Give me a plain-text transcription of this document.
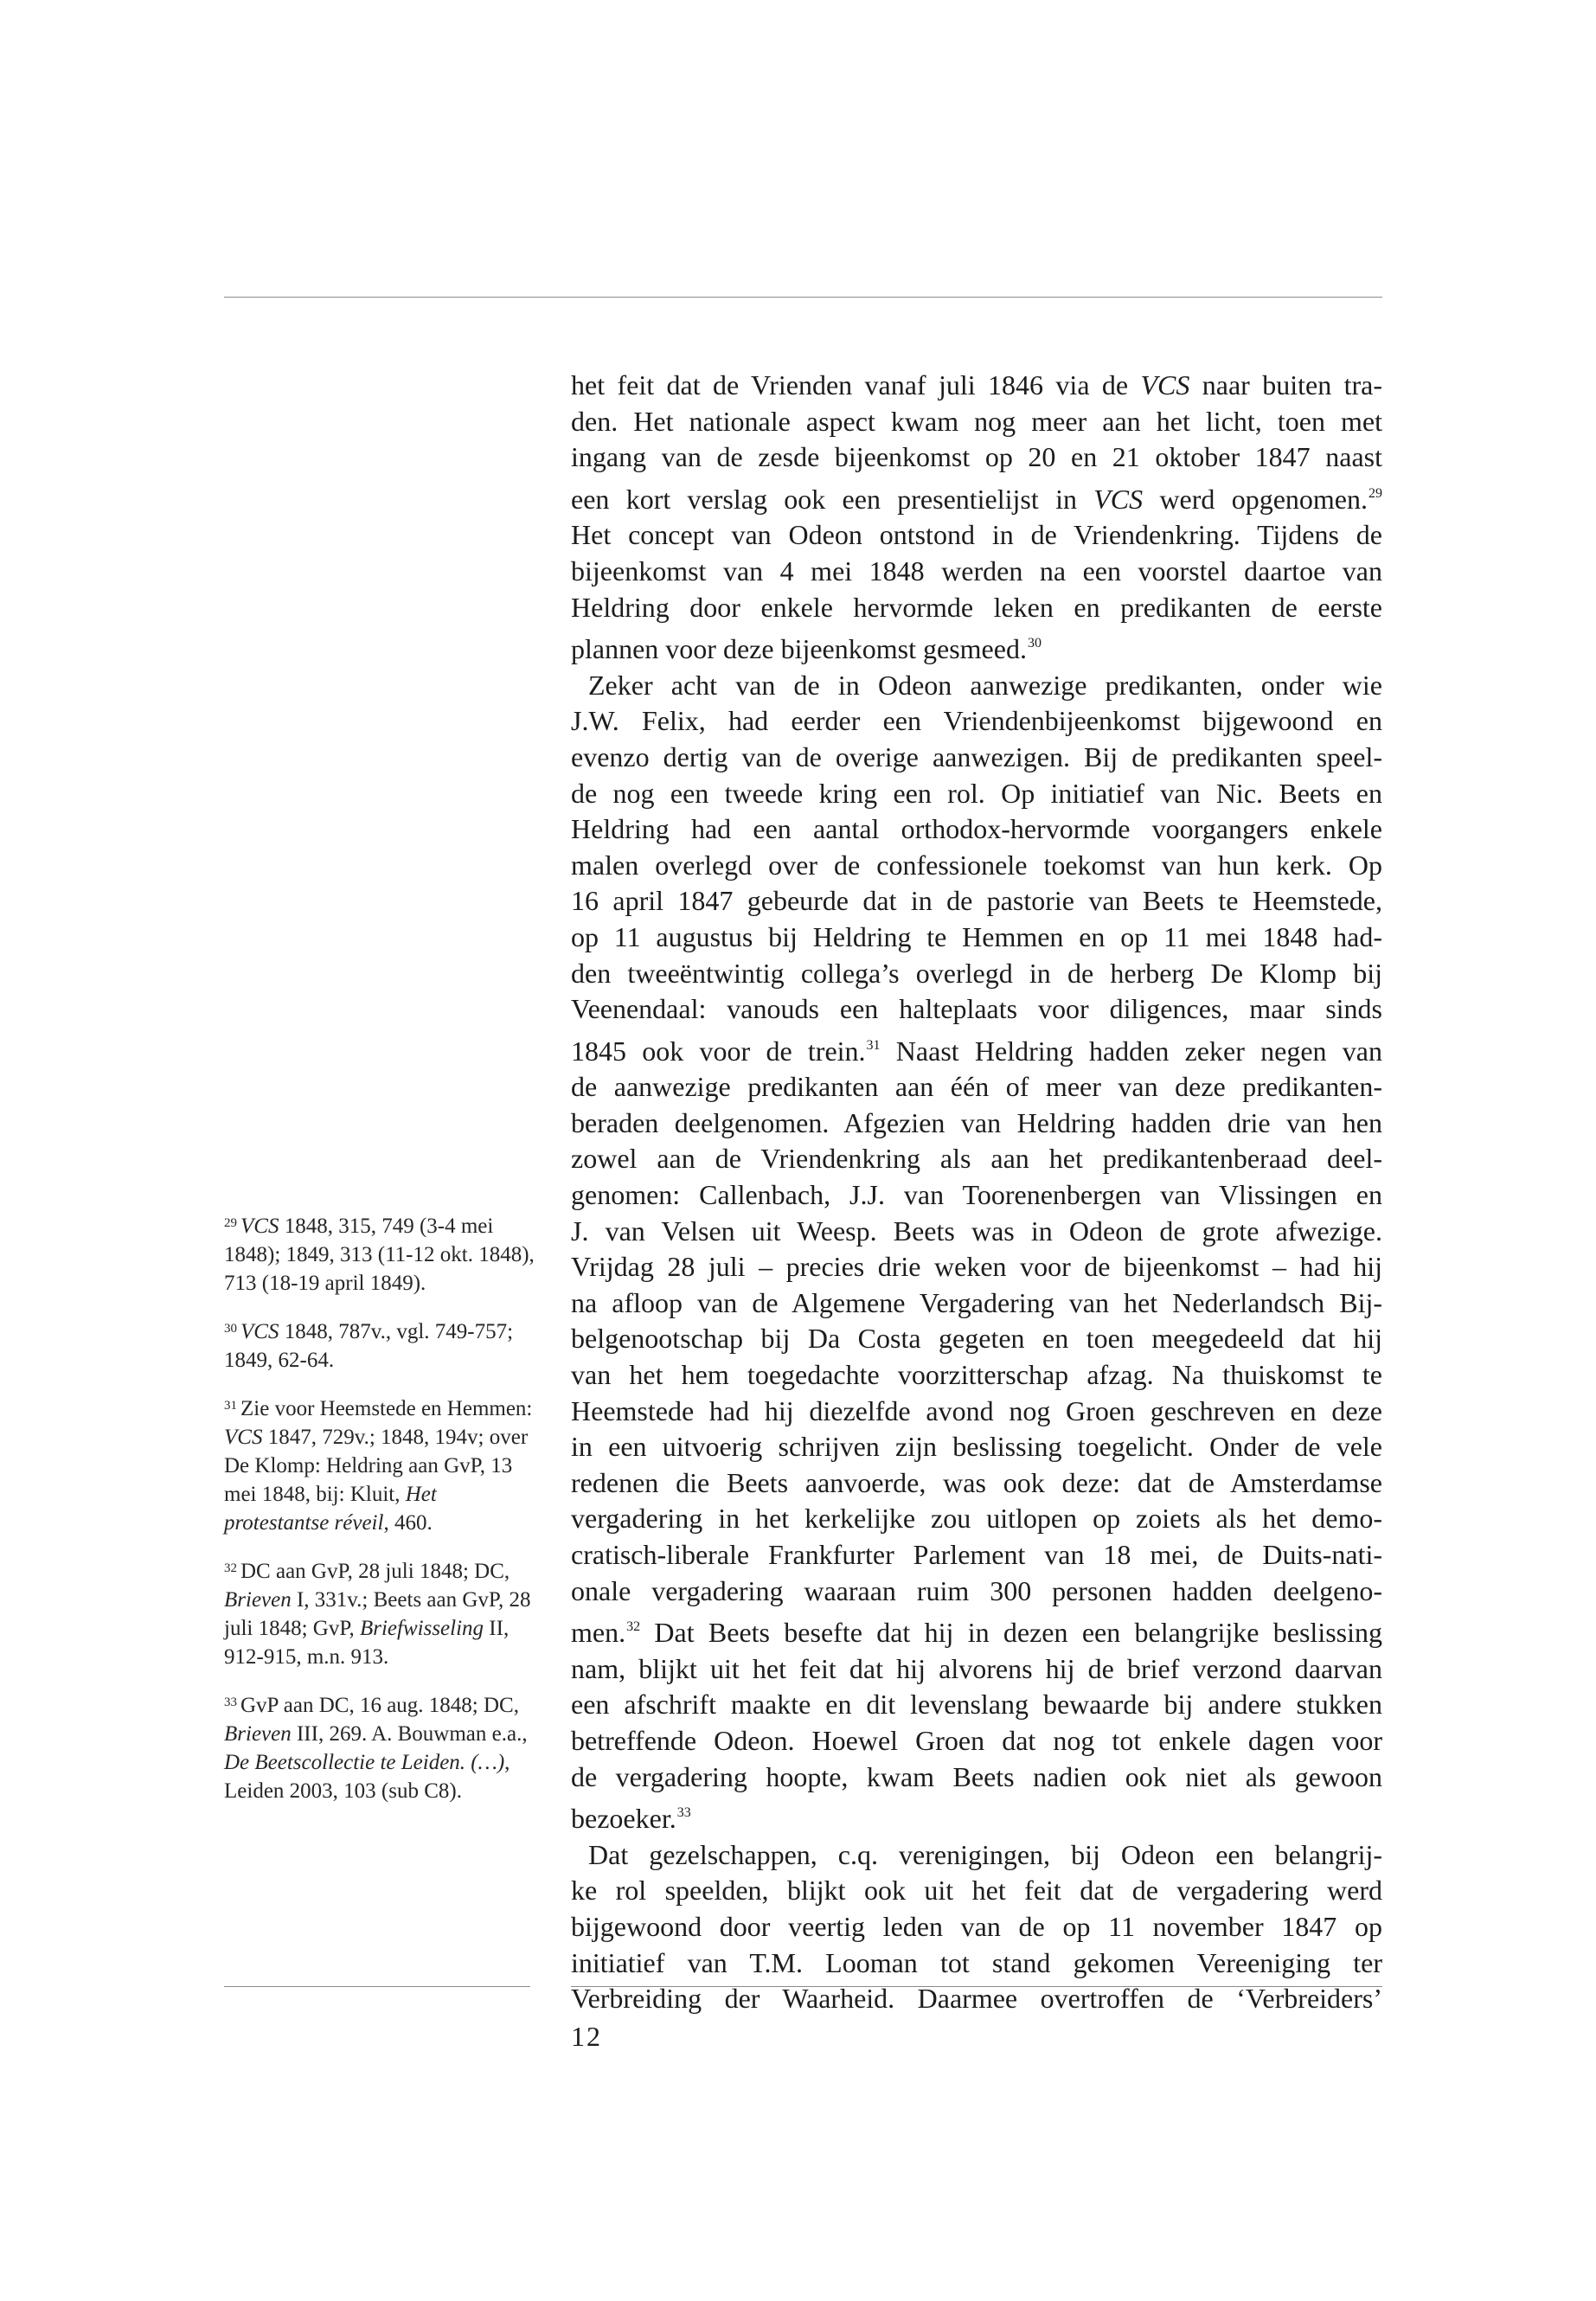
$^{29}$ VCS 1848, 315, 749 (3-4 mei 1848); 1849, 313 (11-12 okt. 1848), 713 (18-19 april 1849).
$^{30}$ VCS 1848, 787v., vgl. 749-757; 1849, 62-64.
$^{31}$ Zie voor Heemstede en Hemmen: VCS 1847, 729v.; 1848, 194v; over De Klomp: Heldring aan GvP, 13 mei 1848, bij: Kluit, Het protestantse réveil, 460.
$^{32}$ DC aan GvP, 28 juli 1848; DC, Brieven I, 331v.; Beets aan GvP, 28 juli 1848; GvP, Briefwisseling II, 912-915, m.n. 913.
$^{33}$ GvP aan DC, 16 aug. 1848; DC, Brieven III, 269. A. Bouwman e.a., De Beetscollectie te Leiden. (…), Leiden 2003, 103 (sub C8).

het feit dat de Vrienden vanaf juli 1846 via de VCS naar buiten tra-
den. Het nationale aspect kwam nog meer aan het licht, toen met
ingang van de zesde bijeenkomst op 20 en 21 oktober 1847 naast
een kort verslag ook een presentielijst in VCS werd opgenomen.$^{29}$
Het concept van Odeon ontstond in de Vriendenkring. Tijdens de
bijeenkomst van 4 mei 1848 werden na een voorstel daartoe van
Heldring door enkele hervormde leken en predikanten de eerste
plannen voor deze bijeenkomst gesmeed.$^{30}$

Zeker acht van de in Odeon aanwezige predikanten, onder wie
J.W. Felix, had eerder een Vriendenbijeenkomst bijgewoond en
evenzo dertig van de overige aanwezigen. Bij de predikanten speel-
de nog een tweede kring een rol. Op initiatief van Nic. Beets en
Heldring had een aantal orthodox-hervormde voorgangers enkele
malen overlegd over de confessionele toekomst van hun kerk. Op
16 april 1847 gebeurde dat in de pastorie van Beets te Heemstede,
op 11 augustus bij Heldring te Hemmen en op 11 mei 1848 had-
den tweeëntwintig collega’s overlegd in de herberg De Klomp bij
Veenendaal: vanouds een halteplaats voor diligences, maar sinds
1845 ook voor de trein.$^{31}$ Naast Heldring hadden zeker negen van
de aanwezige predikanten aan één of meer van deze predikanten-
beraden deelgenomen. Afgezien van Heldring hadden drie van hen
zowel aan de Vriendenkring als aan het predikantenberaad deel-
genomen: Callenbach, J.J. van Toorenenbergen van Vlissingen en
J. van Velsen uit Weesp. Beets was in Odeon de grote afwezige.
Vrijdag 28 juli – precies drie weken voor de bijeenkomst – had hij
na afloop van de Algemene Vergadering van het Nederlandsch Bij-
belgenootschap bij Da Costa gegeten en toen meegedeeld dat hij
van het hem toegedachte voorzitterschap afzag. Na thuiskomst te
Heemstede had hij diezelfde avond nog Groen geschreven en deze
in een uitvoerig schrijven zijn beslissing toegelicht. Onder de vele
redenen die Beets aanvoerde, was ook deze: dat de Amsterdamse
vergadering in het kerkelijke zou uitlopen op zoiets als het demo-
cratisch-liberale Frankfurter Parlement van 18 mei, de Duits-nati-
onale vergadering waaraan ruim 300 personen hadden deelgeno-
men.$^{32}$ Dat Beets besefte dat hij in dezen een belangrijke beslissing
nam, blijkt uit het feit dat hij alvorens hij de brief verzond daarvan
een afschrift maakte en dit levenslang bewaarde bij andere stukken
betreffende Odeon. Hoewel Groen dat nog tot enkele dagen voor
de vergadering hoopte, kwam Beets nadien ook niet als gewoon
bezoeker.$^{33}$

Dat gezelschappen, c.q. verenigingen, bij Odeon een belangrij-
ke rol speelden, blijkt ook uit het feit dat de vergadering werd
bijgewoond door veertig leden van de op 11 november 1847 op
initiatief van T.M. Looman tot stand gekomen Vereeniging ter
Verbreiding der Waarheid. Daarmee overtroffen de ‘Verbreiders’

12
